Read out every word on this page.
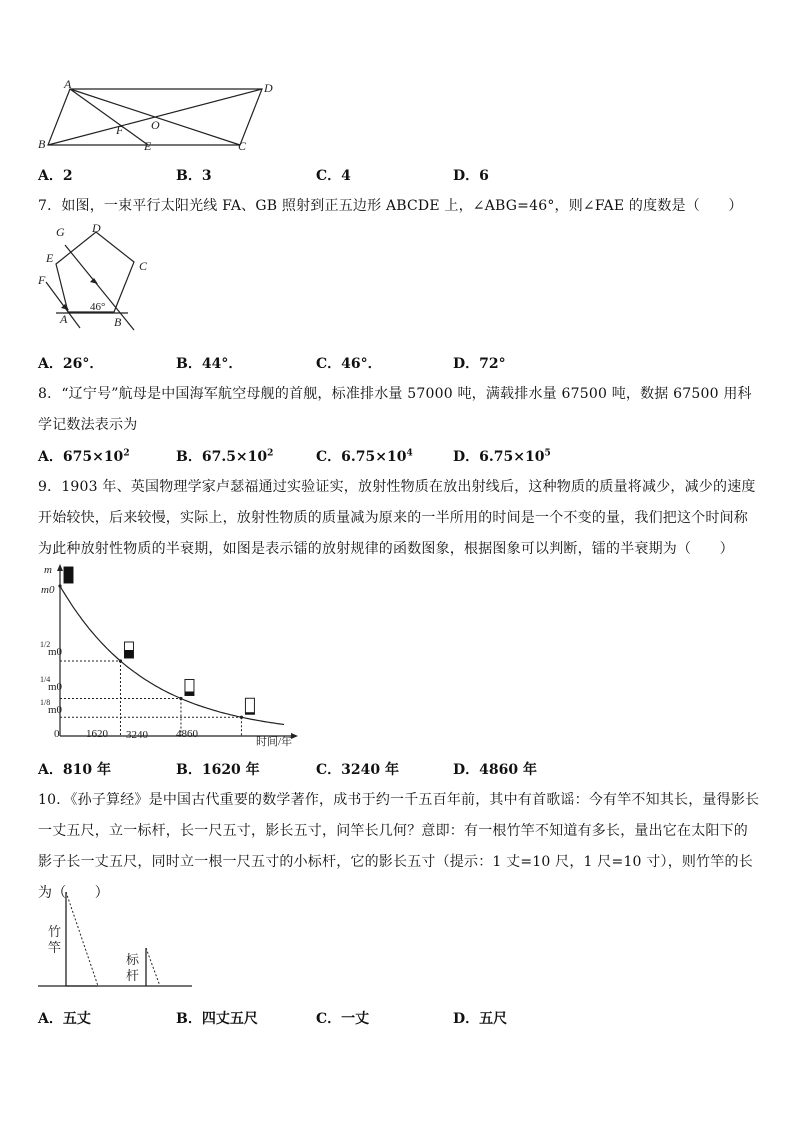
A	D
B
F O
E	C
A．2	B．3	C．4	D．6
7．如图，一束平行太阳光线 FA、GB 照射到正五边形 ABCDE 上，∠ABG=46°，则∠FAE 的度数是（　　）
G D
C
E
F
A	B
46°
A．26°．	B．44°．	C．46°．	D．72°
8．“辽宁号”航母是中国海军航空母舰的首舰，标准排水量 57000 吨，满载排水量 67500 吨，数据 67500 用科学记数法表示为
A．$675\times 10^2$	B．$67.5\times 10^2$	C．$6.75\times 10^4$	D．$6.75\times 10^5$
9．1903 年、英国物理学家卢瑟福通过实验证实，放射性物质在放出射线后，这种物质的质量将减少，减少的速度开始较快，后来较慢，实际上，放射性物质的质量减为原来的一半所用的时间是一个不变的量，我们把这个时间称为此种放射性物质的半衰期，如图是表示镭的放射规律的函数图象，根据图象可以判断，镭的半衰期为（　　）
m
m0
1/2
m0
1/4
m0
1/8
m0
0 1620 3240	4860
时间/年
A．810 年	B．1620 年	C．3240 年	D．4860 年
10．《孙子算经》是中国古代重要的数学著作，成书于约一千五百年前，其中有首歌谣：今有竿不知其长，量得影长一丈五尺，立一标杆，长一尺五寸，影长五寸，问竿长几何？意即：有一根竹竿不知道有多长，量出它在太阳下的影子长一丈五尺，同时立一根一尺五寸的小标杆，它的影长五寸（提示：1 丈=10 尺，1 尺=10 寸），则竹竿的长为（　　）
竹
竿
标
杆
A．五丈	B．四丈五尺	C．一丈	D．五尺
